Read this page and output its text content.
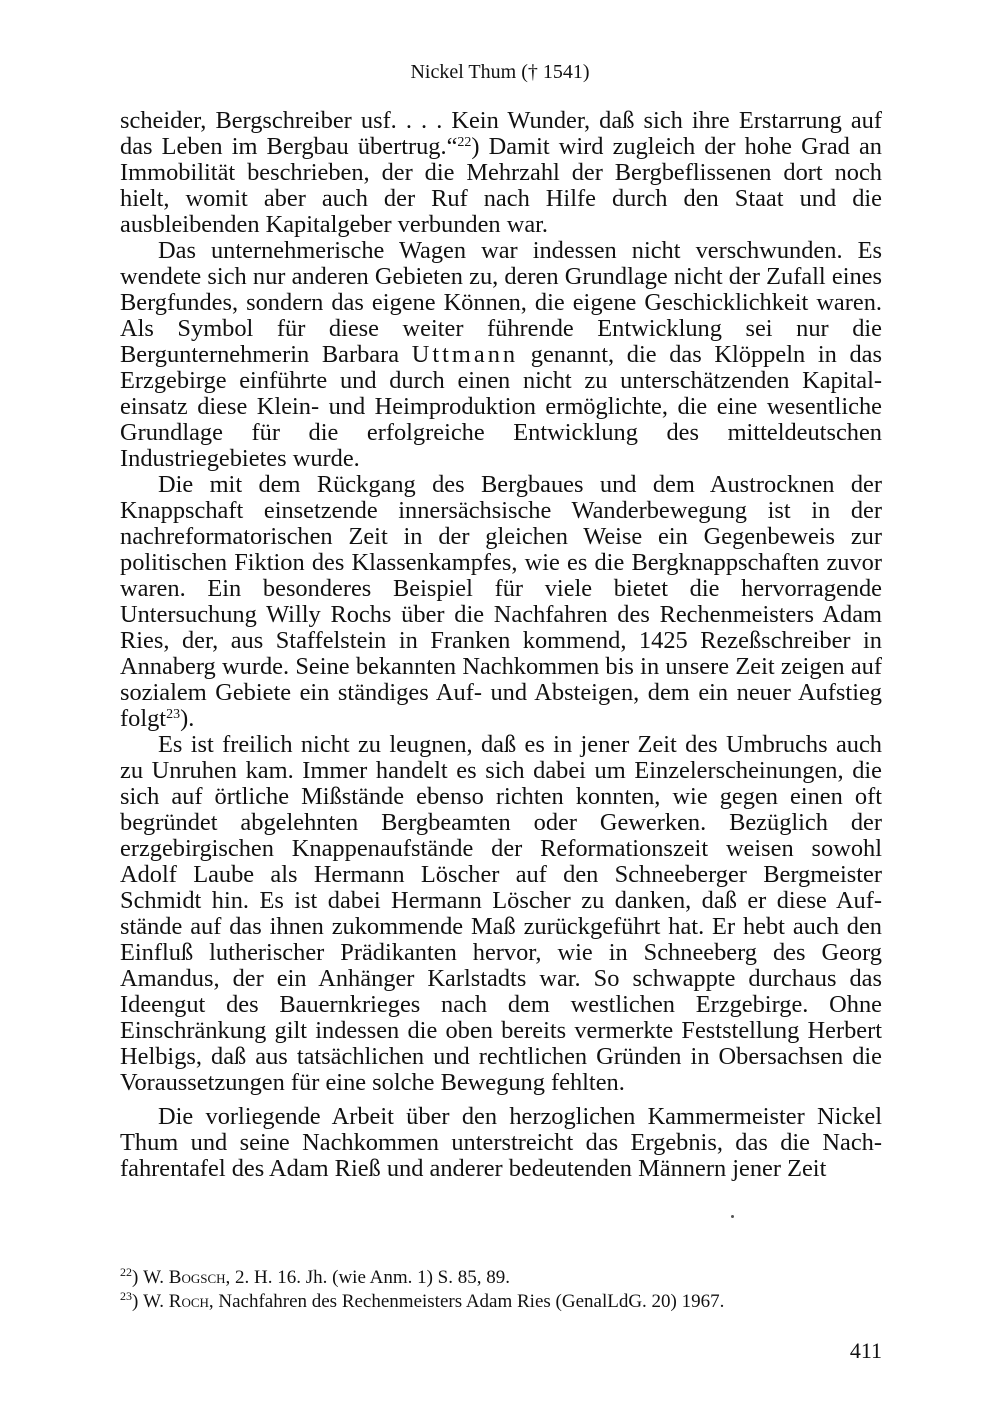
Nickel Thum († 1541)

scheider, Bergschreiber usf. . . . Kein Wunder, daß sich ihre Erstarrung auf das Leben im Bergbau übertrug.“$^{22}$) Damit wird zugleich der hohe Grad an Immobilität beschrieben, der die Mehrzahl der Bergbeflissenen dort noch hielt, womit aber auch der Ruf nach Hilfe durch den Staat und die ausbleibenden Kapitalgeber verbunden war.

Das unternehmerische Wagen war indessen nicht verschwunden. Es wendete sich nur anderen Gebieten zu, deren Grundlage nicht der Zufall eines Bergfundes, sondern das eigene Können, die eigene Geschicklichkeit waren. Als Symbol für diese weiter führende Entwicklung sei nur die Bergunternehmerin Barbara Uttmann genannt, die das Klöppeln in das Erzgebirge einführte und durch einen nicht zu unterschätzenden Kapitaleinsatz diese Klein- und Heimproduktion ermöglichte, die eine wesentliche Grundlage für die erfolgreiche Entwicklung des mitteldeutschen Industriegebietes wurde.

Die mit dem Rückgang des Bergbaues und dem Austrocknen der Knappschaft einsetzende innersächsische Wanderbewegung ist in der nachreformatorischen Zeit in der gleichen Weise ein Gegenbeweis zur politischen Fiktion des Klassenkampfes, wie es die Bergknappschaften zuvor waren. Ein besonderes Beispiel für viele bietet die hervorragende Untersuchung Willy Rochs über die Nachfahren des Rechenmeisters Adam Ries, der, aus Staffelstein in Franken kommend, 1425 Rezeßschreiber in Annaberg wurde. Seine bekannten Nachkommen bis in unsere Zeit zeigen auf sozialem Gebiete ein ständiges Auf- und Absteigen, dem ein neuer Aufstieg folgt$^{23}$).

Es ist freilich nicht zu leugnen, daß es in jener Zeit des Umbruchs auch zu Unruhen kam. Immer handelt es sich dabei um Einzelerscheinungen, die sich auf örtliche Mißstände ebenso richten konnten, wie gegen einen oft begründet abgelehnten Bergbeamten oder Gewerken. Bezüglich der erzgebirgischen Knappenaufstände der Reformationszeit weisen sowohl Adolf Laube als Hermann Löscher auf den Schneeberger Bergmeister Schmidt hin. Es ist dabei Hermann Löscher zu danken, daß er diese Aufstände auf das ihnen zukommende Maß zurückgeführt hat. Er hebt auch den Einfluß lutherischer Prädikanten hervor, wie in Schneeberg des Georg Amandus, der ein Anhänger Karlstadts war. So schwappte durchaus das Ideengut des Bauernkrieges nach dem westlichen Erzgebirge. Ohne Einschränkung gilt indessen die oben bereits vermerkte Feststellung Herbert Helbigs, daß aus tatsächlichen und rechtlichen Gründen in Obersachsen die Voraussetzungen für eine solche Bewegung fehlten.

Die vorliegende Arbeit über den herzoglichen Kammermeister Nickel Thum und seine Nachkommen unterstreicht das Ergebnis, das die Nachfahrentafel des Adam Rieß und anderer bedeutenden Männern jener Zeit

$^{22}$) W. Bogsch, 2. H. 16. Jh. (wie Anm. 1) S. 85, 89.

$^{23}$) W. Roch, Nachfahren des Rechenmeisters Adam Ries (GenalLdG. 20) 1967.

411
